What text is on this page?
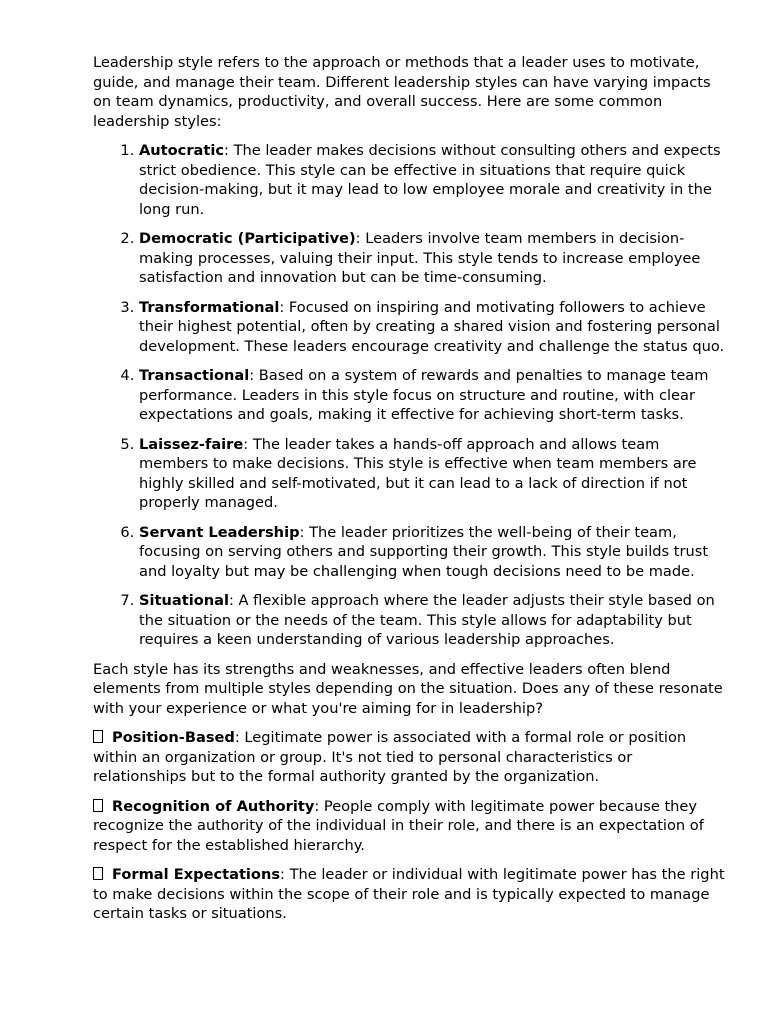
Leadership style refers to the approach or methods that a leader uses to motivate, guide, and manage their team. Different leadership styles can have varying impacts on team dynamics, productivity, and overall success. Here are some common leadership styles:

1. Autocratic: The leader makes decisions without consulting others and expects strict obedience. This style can be effective in situations that require quick decision-making, but it may lead to low employee morale and creativity in the long run.
2. Democratic (Participative): Leaders involve team members in decision-making processes, valuing their input. This style tends to increase employee satisfaction and innovation but can be time-consuming.
3. Transformational: Focused on inspiring and motivating followers to achieve their highest potential, often by creating a shared vision and fostering personal development. These leaders encourage creativity and challenge the status quo.
4. Transactional: Based on a system of rewards and penalties to manage team performance. Leaders in this style focus on structure and routine, with clear expectations and goals, making it effective for achieving short-term tasks.
5. Laissez-faire: The leader takes a hands-off approach and allows team members to make decisions. This style is effective when team members are highly skilled and self-motivated, but it can lead to a lack of direction if not properly managed.
6. Servant Leadership: The leader prioritizes the well-being of their team, focusing on serving others and supporting their growth. This style builds trust and loyalty but may be challenging when tough decisions need to be made.
7. Situational: A flexible approach where the leader adjusts their style based on the situation or the needs of the team. This style allows for adaptability but requires a keen understanding of various leadership approaches.

Each style has its strengths and weaknesses, and effective leaders often blend elements from multiple styles depending on the situation. Does any of these resonate with your experience or what you're aiming for in leadership?

Position-Based: Legitimate power is associated with a formal role or position within an organization or group. It's not tied to personal characteristics or relationships but to the formal authority granted by the organization.

Recognition of Authority: People comply with legitimate power because they recognize the authority of the individual in their role, and there is an expectation of respect for the established hierarchy.

Formal Expectations: The leader or individual with legitimate power has the right to make decisions within the scope of their role and is typically expected to manage certain tasks or situations.
